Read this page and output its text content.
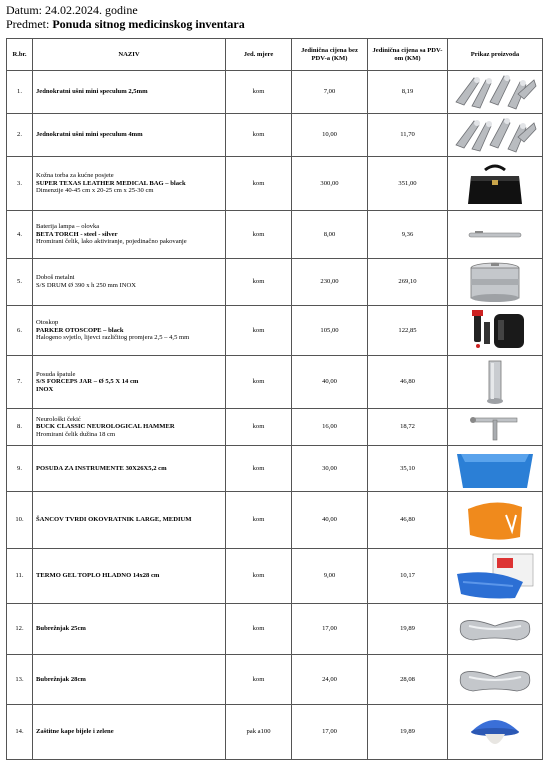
Datum: 24.02.2024. godine
Predmet: Ponuda sitnog medicinskog inventara
R.br.	NAZIV	Jed. mjere	Jedinična cijena bez PDV-a (KM)	Jedinična cijena sa PDV-om (KM)	Prikaz proizvoda
1.	Jednokratni ušni mini speculum 2,5mm	kom	7,00	8,19	

2.	Jednokratni ušni mini speculum 4mm	kom	10,00	11,70	

3.	Kožna torba za kućne posjete
SUPER TEXAS LEATHER MEDICAL BAG – black
Dimenzije 40-45 cm x 20-25 cm x 25-30 cm	kom	300,00	351,00	

4.	Baterija lampa – olovka
BETA TORCH - steel - silver
Hromirani čelik, lako aktiviranje, pojedinačno pakovanje	kom	8,00	9,36	

5.	Doboš metalni
S/S DRUM Ø 390 x h 250 mm INOX	kom	230,00	269,10	

6.	Otoskop
PARKER OTOSCOPE – black
Halogeno svjetlo, lijevci različitog promjera 2,5 – 4,5 mm	kom	105,00	122,85	

7.	Posuda špatule
S/S FORCEPS JAR – Ø 5,5 X 14 cm
INOX	kom	40,00	46,80	

8.	Neurološki čekić
BUCK CLASSIC NEUROLOGICAL HAMMER
Hromirani čelik dužina 18 cm	kom	16,00	18,72	

9.	POSUDA ZA INSTRUMENTE 30X26X5,2 cm	kom	30,00	35,10	

10.	ŠANCOV TVRDI OKOVRATNIK LARGE, MEDIUM	kom	40,00	46,80	

11.	TERMO GEL TOPLO HLADNO 14x28 cm	kom	9,00	10,17	

12.	Bubrežnjak 25cm	kom	17,00	19,89	

13.	Bubrežnjak 28cm	kom	24,00	28,08	

14.	Zaštitne kape bijele i zelene	pak a100	17,00	19,89	
